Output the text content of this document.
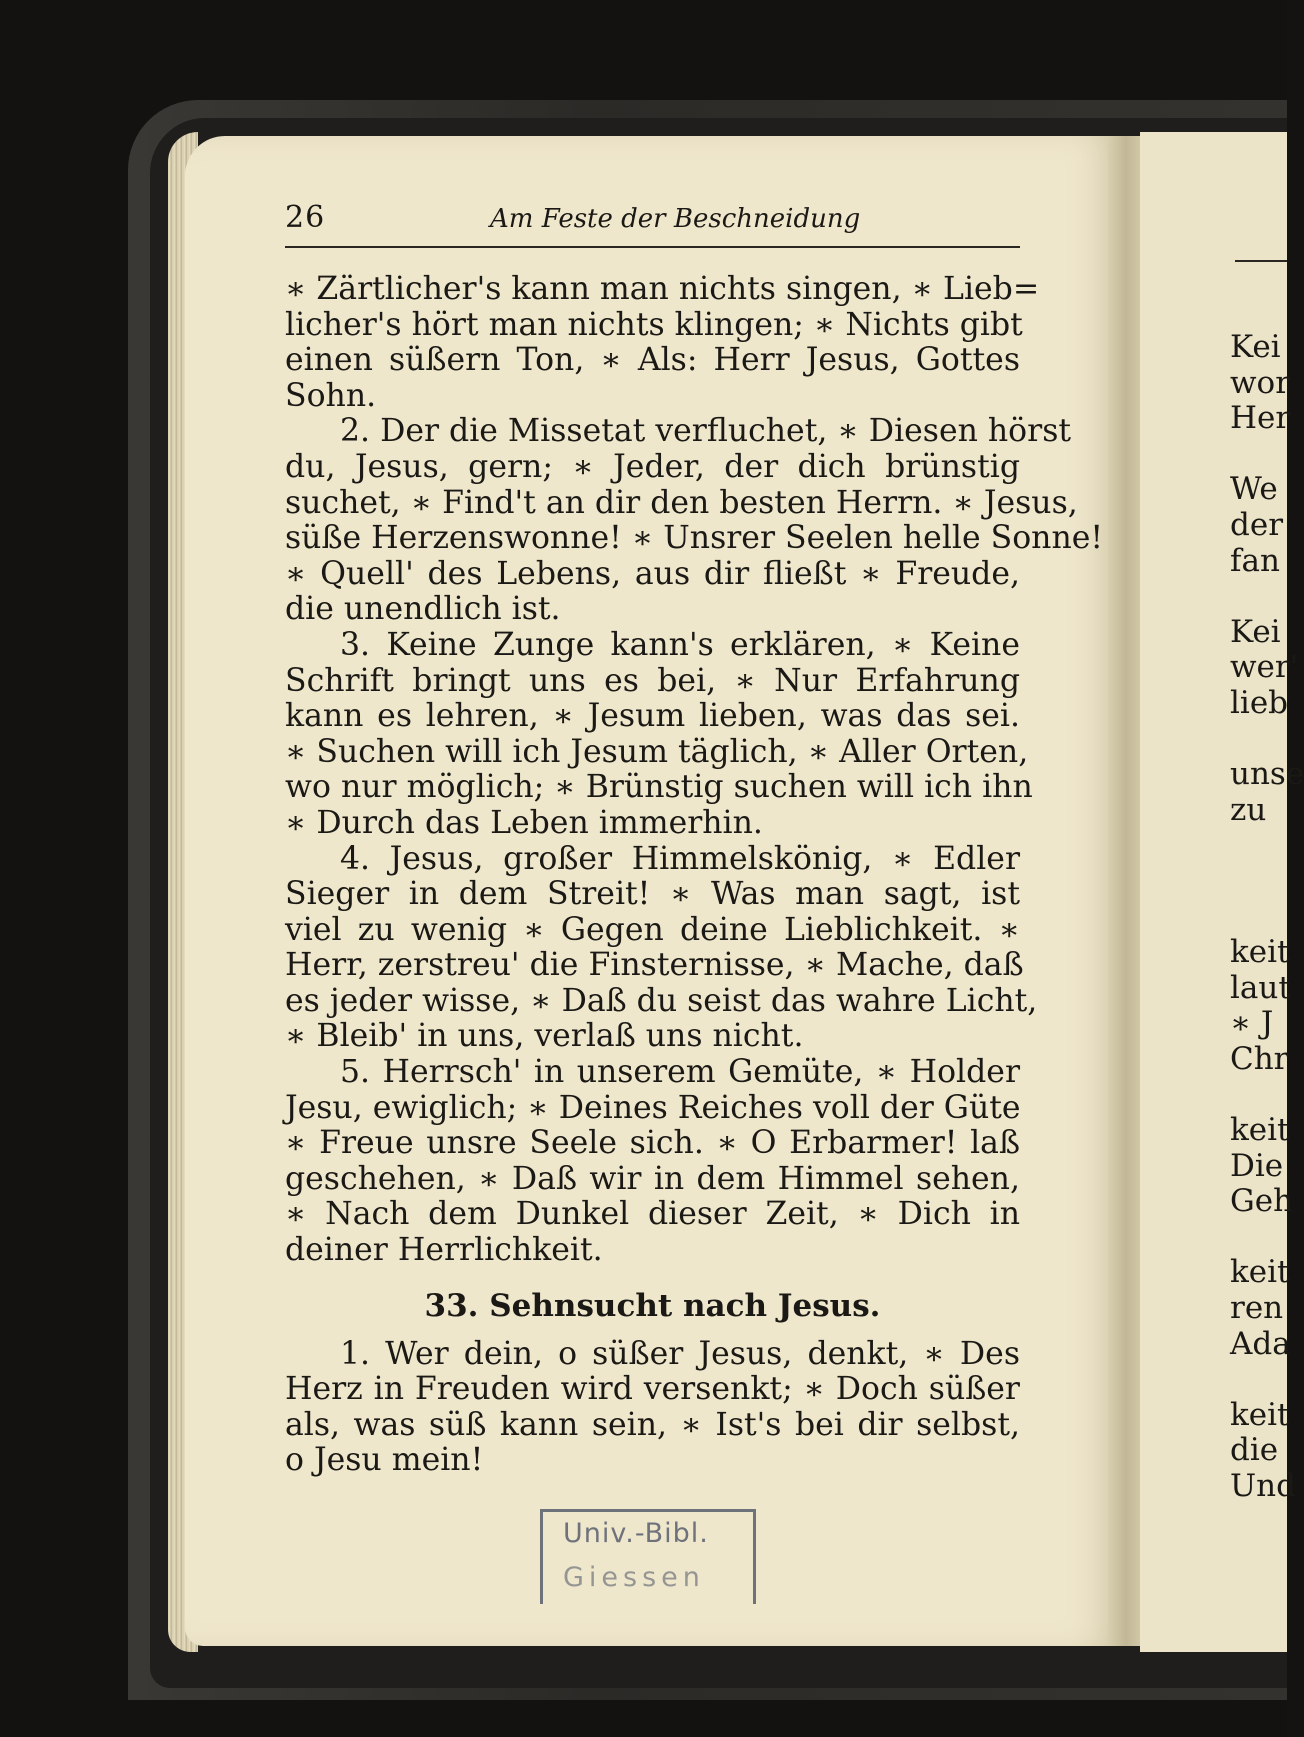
26	Am Feste der Beschneidung
∗ Zärtlicher's kann man nichts singen, ∗ Lieb=
licher's hört man nichts klingen; ∗ Nichts gibt
einen süßern Ton, ∗ Als: Herr Jesus, Gottes
Sohn.
2. Der die Missetat verfluchet, ∗ Diesen hörst
du, Jesus, gern; ∗ Jeder, der dich brünstig
suchet, ∗ Find't an dir den besten Herrn. ∗ Jesus,
süße Herzenswonne! ∗ Unsrer Seelen helle Sonne!
∗ Quell' des Lebens, aus dir fließt ∗ Freude,
die unendlich ist.
3. Keine Zunge kann's erklären, ∗ Keine
Schrift bringt uns es bei, ∗ Nur Erfahrung
kann es lehren, ∗ Jesum lieben, was das sei.
∗ Suchen will ich Jesum täglich, ∗ Aller Orten,
wo nur möglich; ∗ Brünstig suchen will ich ihn
∗ Durch das Leben immerhin.
4. Jesus, großer Himmelskönig, ∗ Edler
Sieger in dem Streit! ∗ Was man sagt, ist
viel zu wenig ∗ Gegen deine Lieblichkeit. ∗
Herr, zerstreu' die Finsternisse, ∗ Mache, daß
es jeder wisse, ∗ Daß du seist das wahre Licht,
∗ Bleib' in uns, verlaß uns nicht.
5. Herrsch' in unserem Gemüte, ∗ Holder
Jesu, ewiglich; ∗ Deines Reiches voll der Güte
∗ Freue unsre Seele sich. ∗ O Erbarmer! laß
geschehen, ∗ Daß wir in dem Himmel sehen,
∗ Nach dem Dunkel dieser Zeit, ∗ Dich in
deiner Herrlichkeit.
33. Sehnsucht nach Jesus.
1. Wer dein, o süßer Jesus, denkt, ∗ Des
Herz in Freuden wird versenkt; ∗ Doch süßer
als, was süß kann sein, ∗ Ist's bei dir selbst,
o Jesu mein!
Kei
wor
Her
We
der
fan
Kei
wer'
lieb
unse
zu
keit
laut
∗ J
Chr
keit
Die
Geh
keit
ren
Ada
keit
die
Und
Univ.-Bibl.
Giessen
